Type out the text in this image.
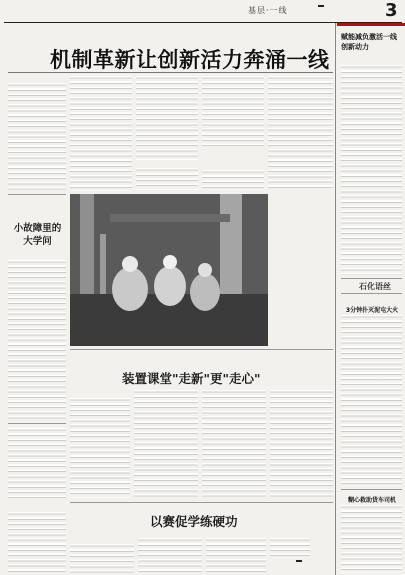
基层·一线	3
机制革新让创新活力奔涌一线
小故障里的大学问
装置课堂"走新"更"走心"
以赛促学练硬功
赋能减负激活一线创新动力
石化语丝
3分钟扑灭泥屯大火
糊心救助货车司机
